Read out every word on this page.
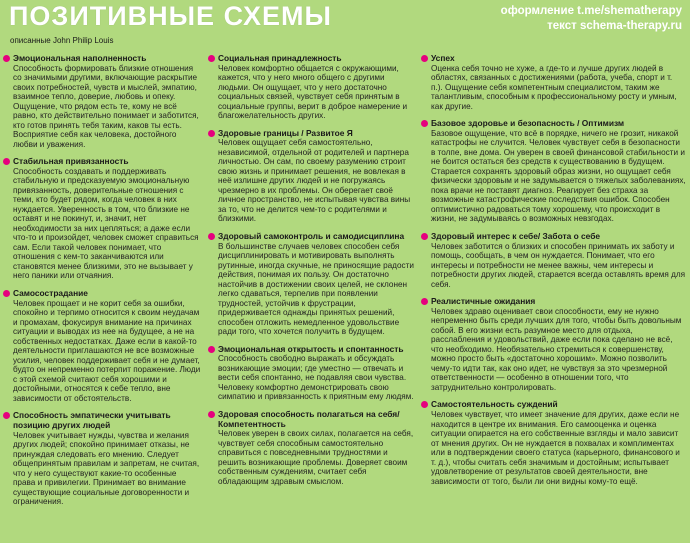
ПОЗИТИВНЫЕ СХЕМЫ
описанные John Philip Louis
оформление t.me/shematherapy
текст schema-therapy.ru
Эмоциональная наполненность

Способность формировать близкие отношения со значимыми другими, включающие раскрытие своих потребностей, чувств и мыслей, эмпатию, взаимное тепло, доверие, любовь и опеку. Ощущение, что рядом есть те, кому не всё равно, кто действительно понимает и заботится, кто готов принять тебя таким, каков ты есть. Восприятие себя как человека, достойного любви и уважения.

Стабильная привязанность

Способность создавать и поддерживать стабильную и предсказуемую эмоциональную привязанность, доверительные отношения с теми, кто будет рядом, когда человек в них нуждается. Уверенность в том, что близкие не оставят и не покинут, и, значит, нет необходимости за них цепляться; а даже если что-то и произойдет, человек сможет справиться сам. Если такой человек понимает, что отношения с кем-то заканчиваются или становятся менее близкими, это не вызывает у него паники или отчаяния.

Самосострадание

Человек прощает и не корит себя за ошибки, спокойно и терпимо относится к своим неудачам и промахам, фокусируя внимание на причинах ситуации и выводах из нее на будущее, а не на собственных недостатках. Даже если в какой-то деятельности приглашаются не все возможные усилия, человек поддерживает себя и не думает, будто он непременно потерпит поражение. Люди с этой схемой считают себя хорошими и достойными, относятся к себе тепло, вне зависимости от обстоятельств.

Способность эмпатически учитывать позицию других людей

Человек учитывает нужды, чувства и желания других людей; спокойно принимает отказы, не принуждая следовать его мнению. Следует общепринятым правилам и запретам, не считая, что у него существуют какие-то особенные права и привилегии. Принимает во внимание существующие социальные договоренности и ограничения.

Социальная принадлежность

Человек комфортно общается с окружающими, кажется, что у него много общего с другими людьми. Он ощущает, что у него достаточно социальных связей, чувствует себя принятым в социальные группы, верит в доброе намерение и благожелательность других.

Здоровые границы / Развитое Я

Человек ощущает себя самостоятельно, независимой, отдельной от родителей и партнера личностью. Он сам, по своему разумению строит свою жизнь и принимает решения, не вовлекая в неё излишне других людей и не погружаясь чрезмерно в их проблемы. Он оберегает своё личное пространство, не испытывая чувства вины за то, что не делится чем-то с родителями и близкими.

Здоровый самоконтроль и самодисциплина

В большинстве случаев человек способен себя дисциплинировать и мотивировать выполнять рутинные, иногда скучные, не приносящие радости действия, понимая их пользу. Он достаточно настойчив в достижении своих целей, не склонен легко сдаваться, терпелив при появлении трудностей, устойчив к фрустрации, придерживается однажды принятых решений, способен отложить немедленное удовольствие ради того, что хочется получить в будущем.

Эмоциональная открытость и спонтанность

Способность свободно выражать и обсуждать возникающие эмоции; где уместно — отвечать и вести себя спонтанно, не подавляя свои чувства. Человеку комфортно демонстрировать свою симпатию и привязанность к приятным ему людям.

Здоровая способность полагаться на себя/ Компетентность

Человек уверен в своих силах, полагается на себя, чувствует себя способным самостоятельно справиться с повседневными трудностями и решить возникающие проблемы. Доверяет своим собственным суждениям, считает себя обладающим здравым смыслом.

Успех

Оценка себя точно не хуже, а где-то и лучше других людей в областях, связанных с достижениями (работа, учеба, спорт и т. п.). Ощущение себя компетентным специалистом, таким же талантливым, способным к профессиональному росту и умным, как другие.

Базовое здоровье и безопасность / Оптимизм

Базовое ощущение, что всё в порядке, ничего не грозит, никакой катастрофы не случится. Человек чувствует себя в безопасности в толпе, вне дома. Он уверен в своей финансовой стабильности и не боится остаться без средств к существованию в будущем. Старается сохранять здоровый образ жизни, но ощущает себя физически здоровым и не задумывается о тяжелых заболеваниях, пока врачи не поставят диагноз. Реагирует без страха за возможные катастрофические последствия ошибок. Способен оптимистично радоваться тому хорошему, что происходит в жизни, не задумываясь о возможных невзгодах.

Здоровый интерес к себе/ Забота о себе

Человек заботится о близких и способен принимать их заботу и помощь, сообщать, в чем он нуждается. Понимает, что его интересы и потребности не менее важны, чем интересы и потребности других людей, старается всегда оставлять время для себя.

Реалистичные ожидания

Человек здраво оценивает свои способности, ему не нужно непременно быть среди лучших для того, чтобы быть довольным собой. В его жизни есть разумное место для отдыха, расслабления и удовольствий, даже если пока сделано не всё, что необходимо. Необязательно стремиться к совершенству, можно просто быть «достаточно хорошим». Можно позволить чему-то идти так, как оно идет, не чувствуя за это чрезмерной ответственности — особенно в отношении того, что затруднительно контролировать.

Самостоятельность суждений

Человек чувствует, что имеет значение для других, даже если не находится в центре их внимания. Его самооценка и оценка ситуации опирается на его собственные взгляды и мало зависит от мнения других. Он не нуждается в похвалах и комплиментах или в подтверждении своего статуса (карьерного, финансового и т. д.), чтобы считать себя значимым и достойным; испытывает удовлетворение от результатов своей деятельности, вне зависимости от того, были ли они видны кому-то ещё.
